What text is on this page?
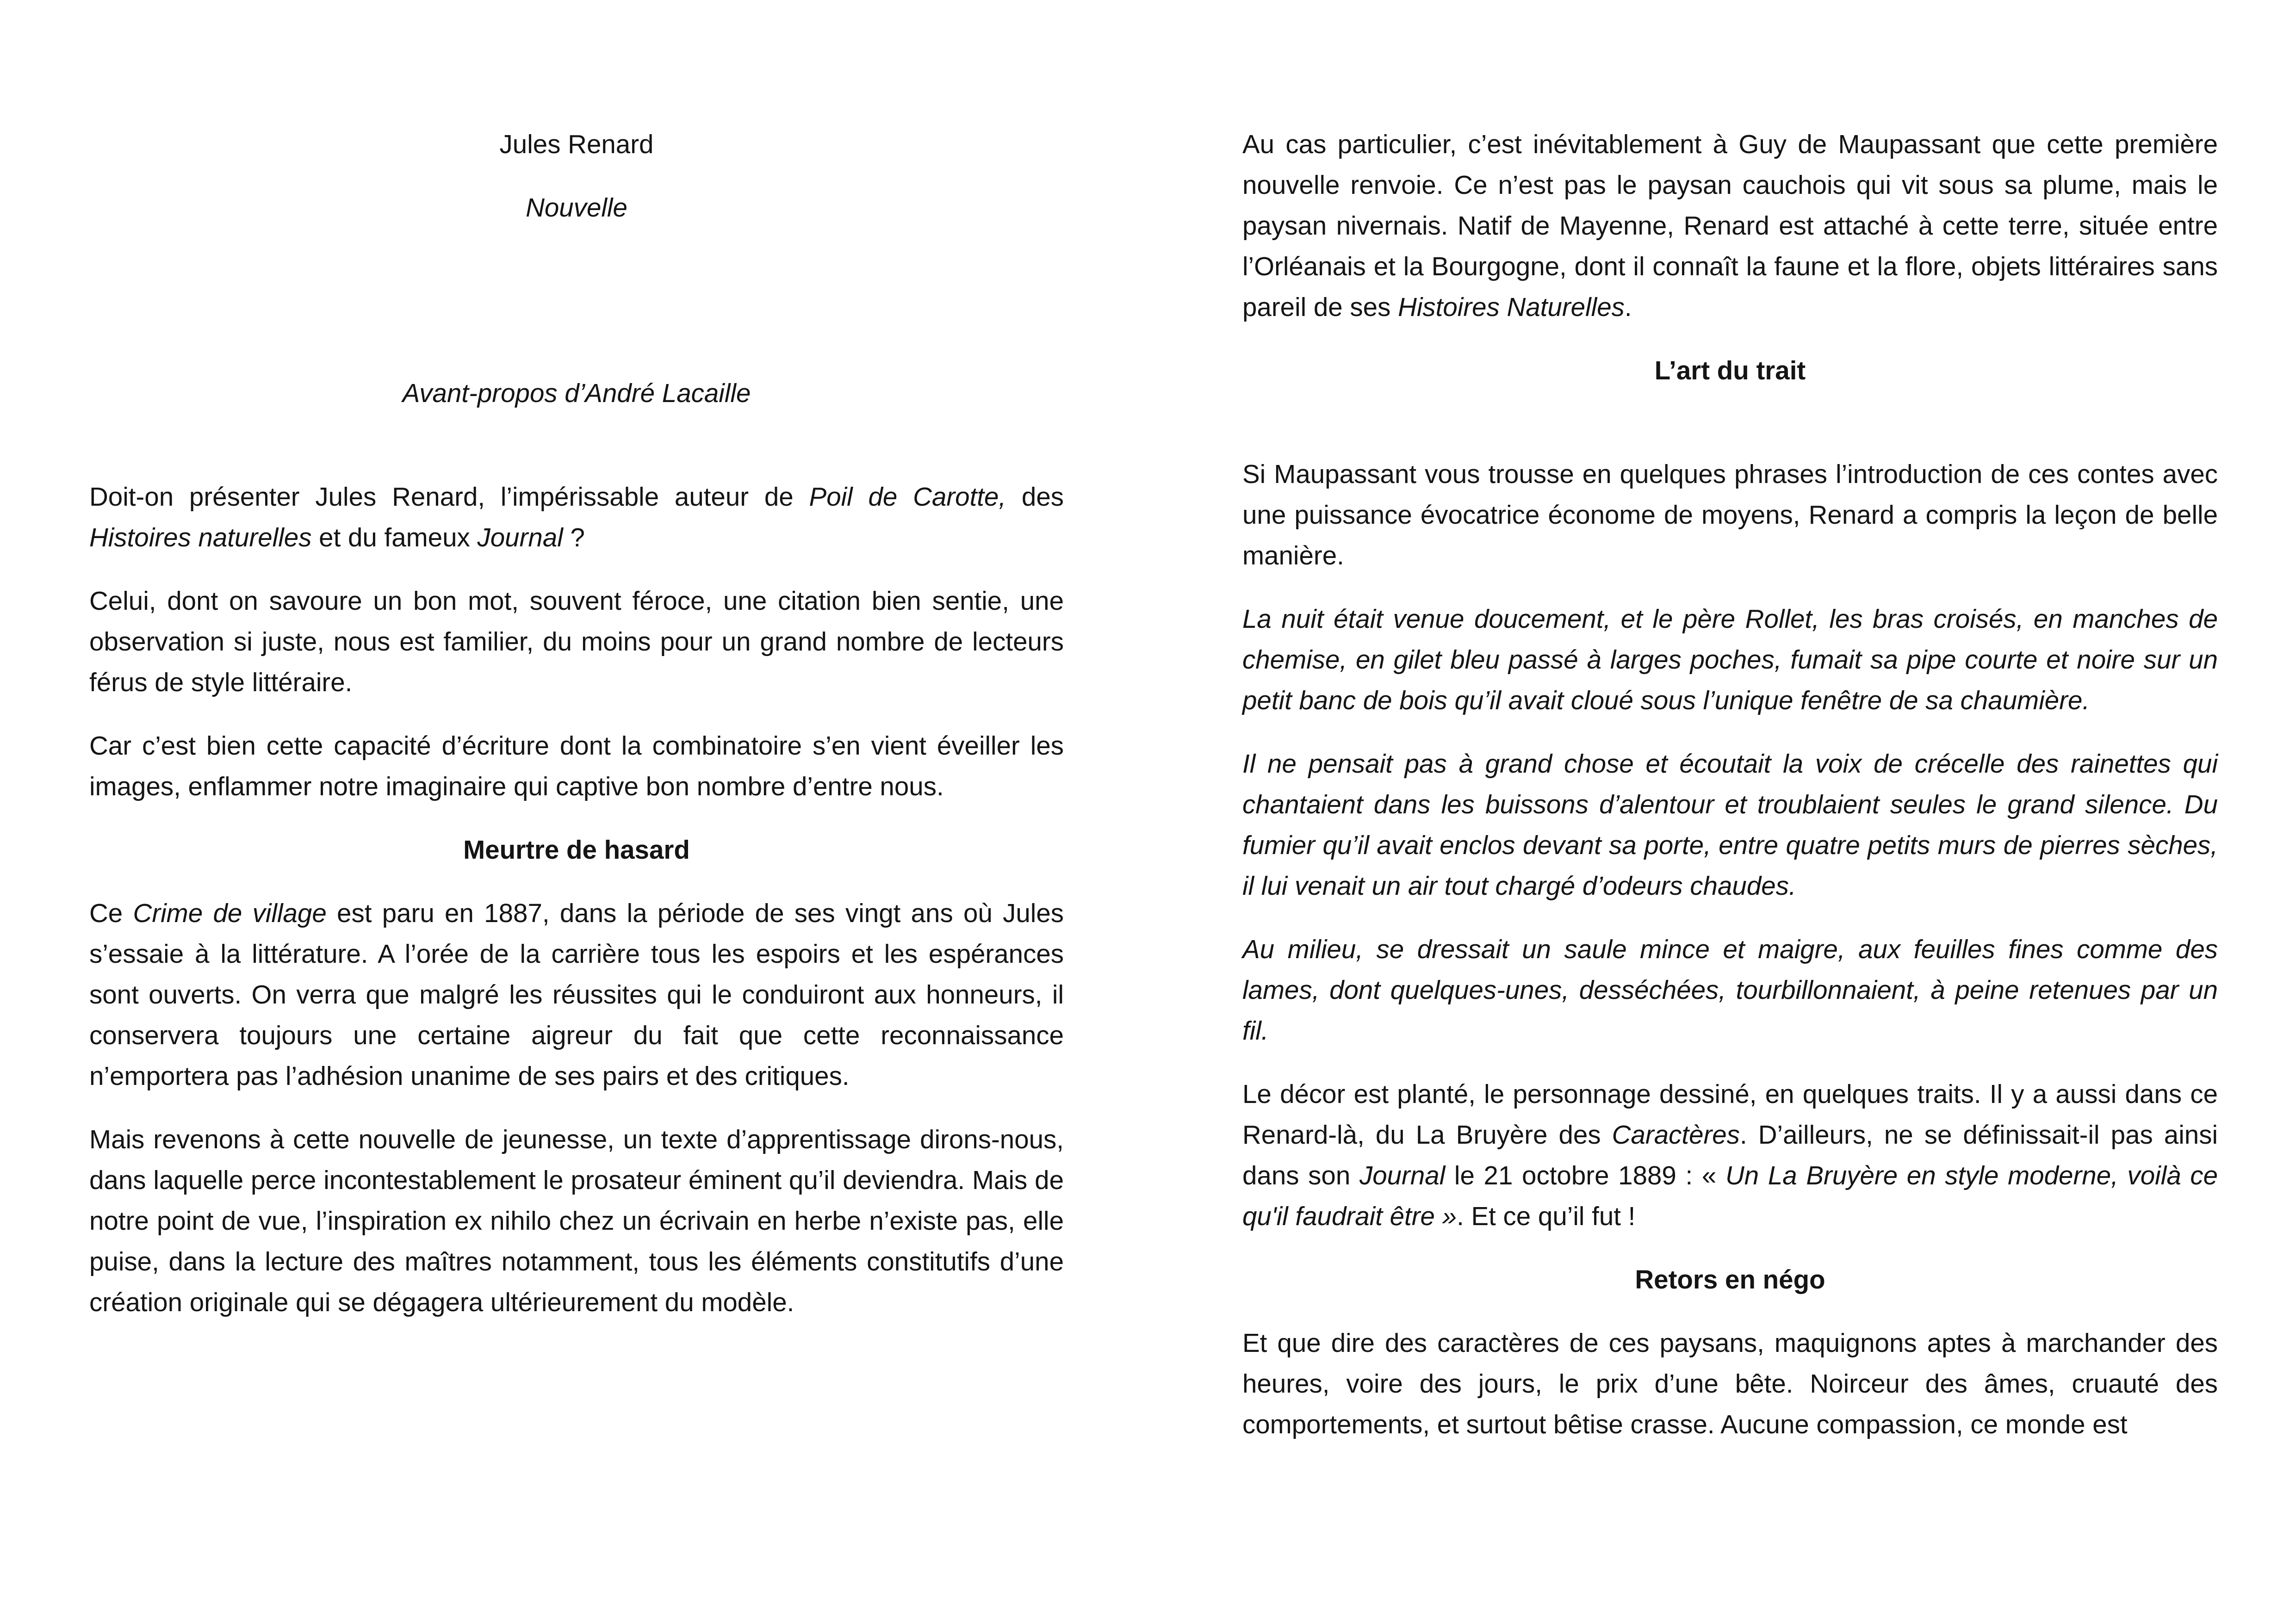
Jules Renard

Nouvelle

Avant-propos d’André Lacaille

Doit-on présenter Jules Renard, l’impérissable auteur de Poil de Carotte, des Histoires naturelles et du fameux Journal ?

Celui, dont on savoure un bon mot, souvent féroce, une citation bien sentie, une observation si juste, nous est familier, du moins pour un grand nombre de lecteurs férus de style littéraire.

Car c’est bien cette capacité d’écriture dont la combinatoire s’en vient éveiller les images, enflammer notre imaginaire qui captive bon nombre d’entre nous.

Meurtre de hasard

Ce Crime de village est paru en 1887, dans la période de ses vingt ans où Jules s’essaie à la littérature. A l’orée de la carrière tous les espoirs et les espérances sont ouverts. On verra que malgré les réussites qui le conduiront aux honneurs, il conservera toujours une certaine aigreur du fait que cette reconnaissance n’emportera pas l’adhésion unanime de ses pairs et des critiques.

Mais revenons à cette nouvelle de jeunesse, un texte d’apprentissage dirons-nous, dans laquelle perce incontestablement le prosateur éminent qu’il deviendra. Mais de notre point de vue, l’inspiration ex nihilo chez un écrivain en herbe n’existe pas, elle puise, dans la lecture des maîtres notamment, tous les éléments constitutifs d’une création originale qui se dégagera ultérieurement du modèle.

Au cas particulier, c’est inévitablement à Guy de Maupassant que cette première nouvelle renvoie. Ce n’est pas le paysan cauchois qui vit sous sa plume, mais le paysan nivernais. Natif de Mayenne, Renard est attaché à cette terre, située entre l’Orléanais et la Bourgogne, dont il connaît la faune et la flore, objets littéraires sans pareil de ses Histoires Naturelles.

L’art du trait

Si Maupassant vous trousse en quelques phrases l’introduction de ces contes avec une puissance évocatrice économe de moyens, Renard a compris la leçon de belle manière.

La nuit était venue doucement, et le père Rollet, les bras croisés, en manches de chemise, en gilet bleu passé à larges poches, fumait sa pipe courte et noire sur un petit banc de bois qu’il avait cloué sous l’unique fenêtre de sa chaumière.

Il ne pensait pas à grand chose et écoutait la voix de crécelle des rainettes qui chantaient dans les buissons d’alentour et troublaient seules le grand silence. Du fumier qu’il avait enclos devant sa porte, entre quatre petits murs de pierres sèches, il lui venait un air tout chargé d’odeurs chaudes.

Au milieu, se dressait un saule mince et maigre, aux feuilles fines comme des lames, dont quelques-unes, desséchées, tourbillonnaient, à peine retenues par un fil.

Le décor est planté, le personnage dessiné, en quelques traits. Il y a aussi dans ce Renard-là, du La Bruyère des Caractères. D’ailleurs, ne se définissait-il pas ainsi dans son Journal le 21 octobre 1889 : « Un La Bruyère en style moderne, voilà ce qu'il faudrait être ». Et ce qu’il fut !

Retors en négo

Et que dire des caractères de ces paysans, maquignons aptes à marchander des heures, voire des jours, le prix d’une bête. Noirceur des âmes, cruauté des comportements, et surtout bêtise crasse. Aucune compassion, ce monde est
